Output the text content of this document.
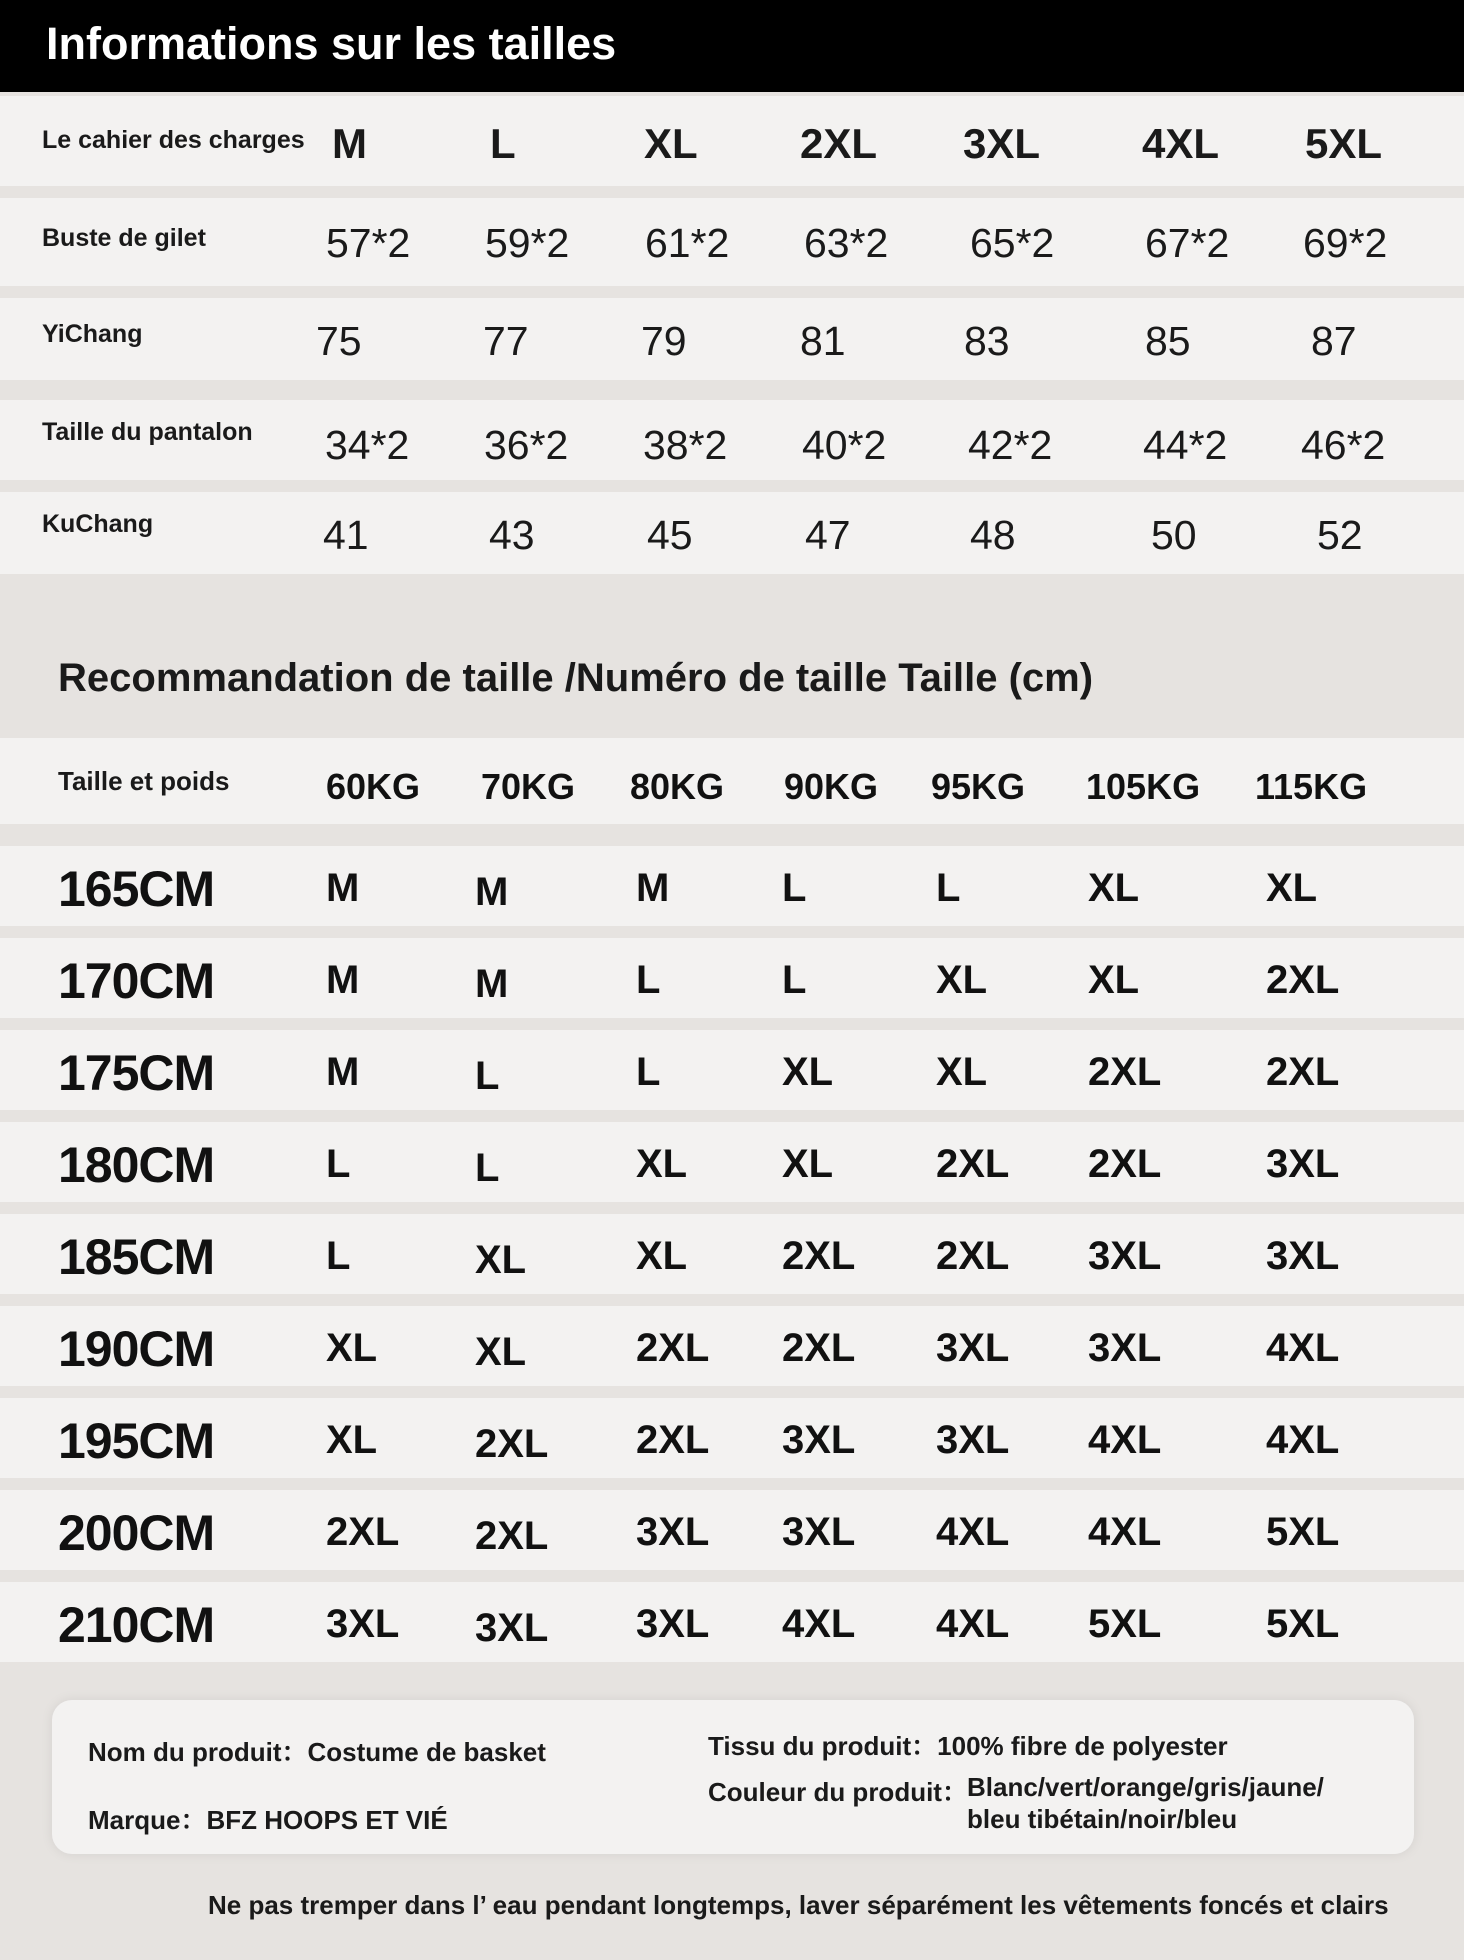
Informations sur les tailles
Le cahier des charges M	L	XL 2XL 3XL 4XL 5XL
Buste de gilet	57*2 59*2 61*2 63*2 65*2 67*2 69*2
YiChang	75	77	79	81	83	85	87
Taille du pantalon 34*2 36*2 38*2 40*2 42*2 44*2 46*2
KuChang	41	43	45	47	48	50	52
Recommandation de taille /Numéro de taille Taille (cm)
Taille et poids	60KG 70KG 80KG 90KG 95KG 105KG 115KG
165CM	M	M	M	L	L	XL	XL
170CM	M	M	L	L	XL	XL	2XL
175CM	M	L	L	XL	XL	2XL	2XL
180CM	L	L	XL XL	2XL 2XL	3XL
185CM	L	XL	XL 2XL 2XL 3XL	3XL
190CM	XL XL	2XL 2XL 3XL 3XL	4XL
195CM	XL 2XL 2XL 3XL 3XL 4XL	4XL
200CM	2XL 2XL 3XL 3XL 4XL 4XL	5XL
210CM	3XL 3XL 3XL 4XL 4XL 5XL	5XL
Nom du produit：Costume de basket
Marque：BFZ HOOPS ET VIÉ
Tissu du produit：100% fibre de polyester
Couleur du produit： Blanc/vert/orange/gris/jaune/
bleu tibétain/noir/bleu
Ne pas tremper dans l’ eau pendant longtemps, laver séparément les vêtements foncés et clairs
